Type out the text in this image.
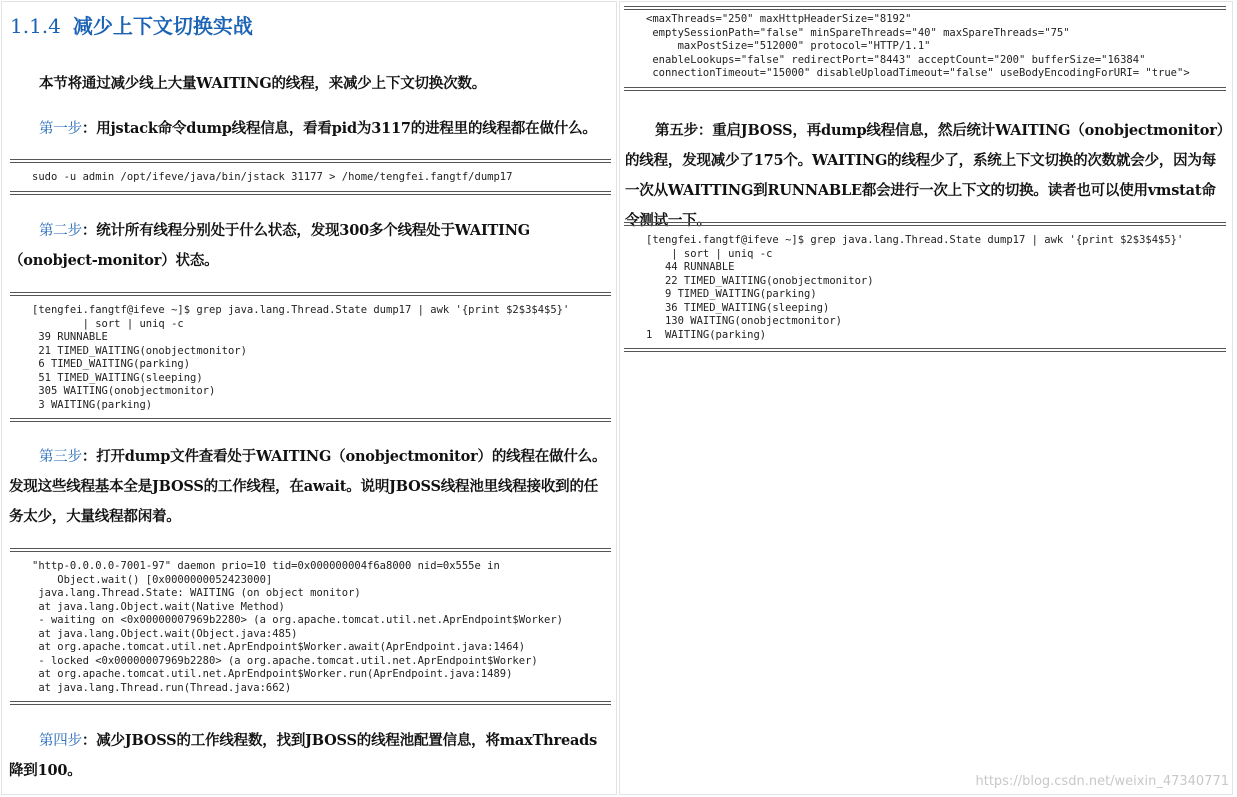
1.1.4 减少上下文切换实战
本节将通过减少线上大量WAITING的线程，来减少上下文切换次数。
第一步：用jstack命令dump线程信息，看看pid为3117的进程里的线程都在做什么。
sudo -u admin /opt/ifeve/java/bin/jstack 31177 > /home/tengfei.fangtf/dump17
第二步：统计所有线程分别处于什么状态，发现300多个线程处于WAITING（onobject-monitor）状态。
[tengfei.fangtf@ifeve ~]$ grep java.lang.Thread.State dump17 | awk '{print $2$3$4$5}'
| sort | uniq -c
39 RUNNABLE
21 TIMED_WAITING(onobjectmonitor)
6 TIMED_WAITING(parking)
51 TIMED_WAITING(sleeping)
305 WAITING(onobjectmonitor)
3 WAITING(parking)
第三步：打开dump文件查看处于WAITING（onobjectmonitor）的线程在做什么。发现这些线程基本全是JBOSS的工作线程，在await。说明JBOSS线程池里线程接收到的任务太少，大量线程都闲着。
"http-0.0.0.0-7001-97" daemon prio=10 tid=0x000000004f6a8000 nid=0x555e in
Object.wait() [0x0000000052423000]
java.lang.Thread.State: WAITING (on object monitor)
at java.lang.Object.wait(Native Method)
- waiting on <0x00000007969b2280> (a org.apache.tomcat.util.net.AprEndpoint$Worker)
at java.lang.Object.wait(Object.java:485)
at org.apache.tomcat.util.net.AprEndpoint$Worker.await(AprEndpoint.java:1464)
- locked <0x00000007969b2280> (a org.apache.tomcat.util.net.AprEndpoint$Worker)
at org.apache.tomcat.util.net.AprEndpoint$Worker.run(AprEndpoint.java:1489)
at java.lang.Thread.run(Thread.java:662)
第四步：减少JBOSS的工作线程数，找到JBOSS的线程池配置信息，将maxThreads降到100。
<maxThreads="250" maxHttpHeaderSize="8192"
emptySessionPath="false" minSpareThreads="40" maxSpareThreads="75"
maxPostSize="512000" protocol="HTTP/1.1"
enableLookups="false" redirectPort="8443" acceptCount="200" bufferSize="16384"
connectionTimeout="15000" disableUploadTimeout="false" useBodyEncodingForURI= "true">
第五步：重启JBOSS，再dump线程信息，然后统计WAITING（onobjectmonitor）的线程，发现减少了175个。WAITING的线程少了，系统上下文切换的次数就会少，因为每一次从WAITTING到RUNNABLE都会进行一次上下文的切换。读者也可以使用vmstat命令测试一下。
[tengfei.fangtf@ifeve ~]$ grep java.lang.Thread.State dump17 | awk '{print $2$3$4$5}'
| sort | uniq -c
44 RUNNABLE
22 TIMED_WAITING(onobjectmonitor)
9 TIMED_WAITING(parking)
36 TIMED_WAITING(sleeping)
130 WAITING(onobjectmonitor)
1  WAITING(parking)
https://blog.csdn.net/weixin_47340771
